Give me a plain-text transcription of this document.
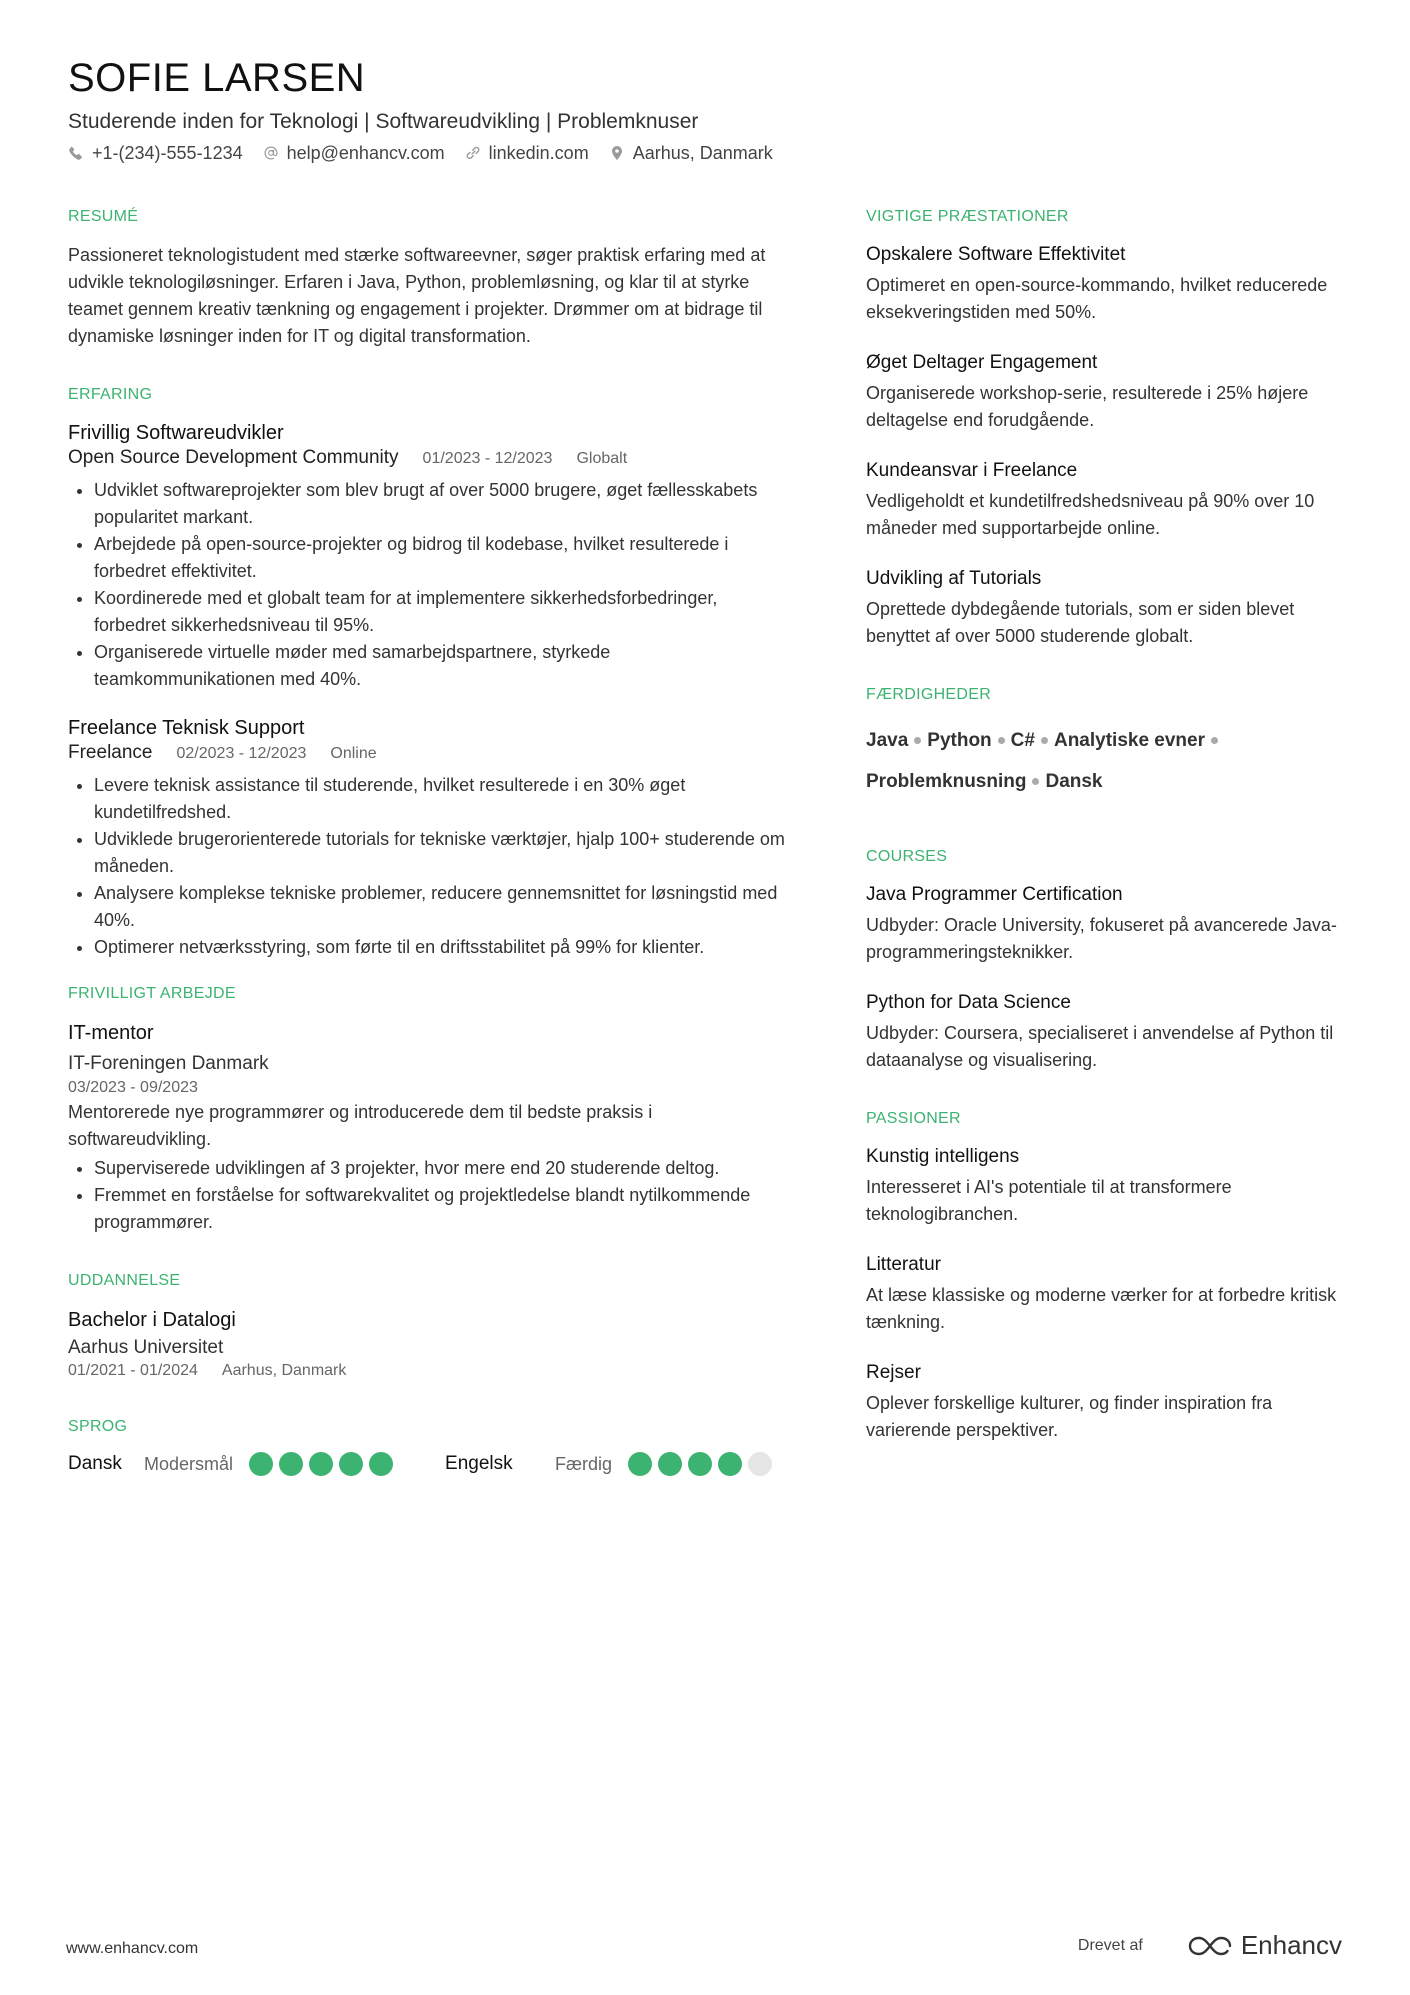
SOFIE LARSEN
Studerende inden for Teknologi | Softwareudvikling | Problemknuser
+1-(234)-555-1234 help@enhancv.com linkedin.com Aarhus, Danmark
RESUMÉ

Passioneret teknologistudent med stærke softwareevner, søger praktisk erfaring med at udvikle teknologiløsninger. Erfaren i Java, Python, problemløsning, og klar til at styrke teamet gennem kreativ tænkning og engagement i projekter. Drømmer om at bidrage til dynamiske løsninger inden for IT og digital transformation.

ERFARING
Frivillig Softwareudvikler
Open Source Development Community 01/2023 - 12/2023 Globalt
• Udviklet softwareprojekter som blev brugt af over 5000 brugere, øget fællesskabets popularitet markant.
• Arbejdede på open-source-projekter og bidrog til kodebase, hvilket resulterede i forbedret effektivitet.
• Koordinerede med et globalt team for at implementere sikkerhedsforbedringer, forbedret sikkerhedsniveau til 95%.
• Organiserede virtuelle møder med samarbejdspartnere, styrkede teamkommunikationen med 40%.
Freelance Teknisk Support
Freelance 02/2023 - 12/2023 Online
• Levere teknisk assistance til studerende, hvilket resulterede i en 30% øget kundetilfredshed.
• Udviklede brugerorienterede tutorials for tekniske værktøjer, hjalp 100+ studerende om måneden.
• Analysere komplekse tekniske problemer, reducere gennemsnittet for løsningstid med 40%.
• Optimerer netværksstyring, som førte til en driftsstabilitet på 99% for klienter.
FRIVILLIGT ARBEJDE
IT-mentor
IT-Foreningen Danmark
03/2023 - 09/2023

Mentorerede nye programmører og introducerede dem til bedste praksis i softwareudvikling.

• Superviserede udviklingen af 3 projekter, hvor mere end 20 studerende deltog.
• Fremmet en forståelse for softwarekvalitet og projektledelse blandt nytilkommende programmører.
UDDANNELSE
Bachelor i Datalogi
Aarhus Universitet
01/2021 - 01/2024 Aarhus, Danmark
SPROG
Dansk	Modersmål	Engelsk	Færdig
VIGTIGE PRÆSTATIONER
Opskalere Software Effektivitet
Optimeret en open-source-kommando, hvilket reducerede eksekveringstiden med 50%.
Øget Deltager Engagement
Organiserede workshop-serie, resulterede i 25% højere deltagelse end forudgående.
Kundeansvar i Freelance
Vedligeholdt et kundetilfredshedsniveau på 90% over 10 måneder med supportarbejde online.
Udvikling af Tutorials
Oprettede dybdegående tutorials, som er siden blevet benyttet af over 5000 studerende globalt.
FÆRDIGHEDER
Java Python C# Analytiske evner
Problemknusning Dansk
COURSES
Java Programmer Certification
Udbyder: Oracle University, fokuseret på avancerede Java-programmeringsteknikker.
Python for Data Science
Udbyder: Coursera, specialiseret i anvendelse af Python til dataanalyse og visualisering.
PASSIONER
Kunstig intelligens
Interesseret i AI's potentiale til at transformere teknologibranchen.
Litteratur
At læse klassiske og moderne værker for at forbedre kritisk tænkning.
Rejser
Oplever forskellige kulturer, og finder inspiration fra varierende perspektiver.
www.enhancv.com	Drevet af	Enhancv
